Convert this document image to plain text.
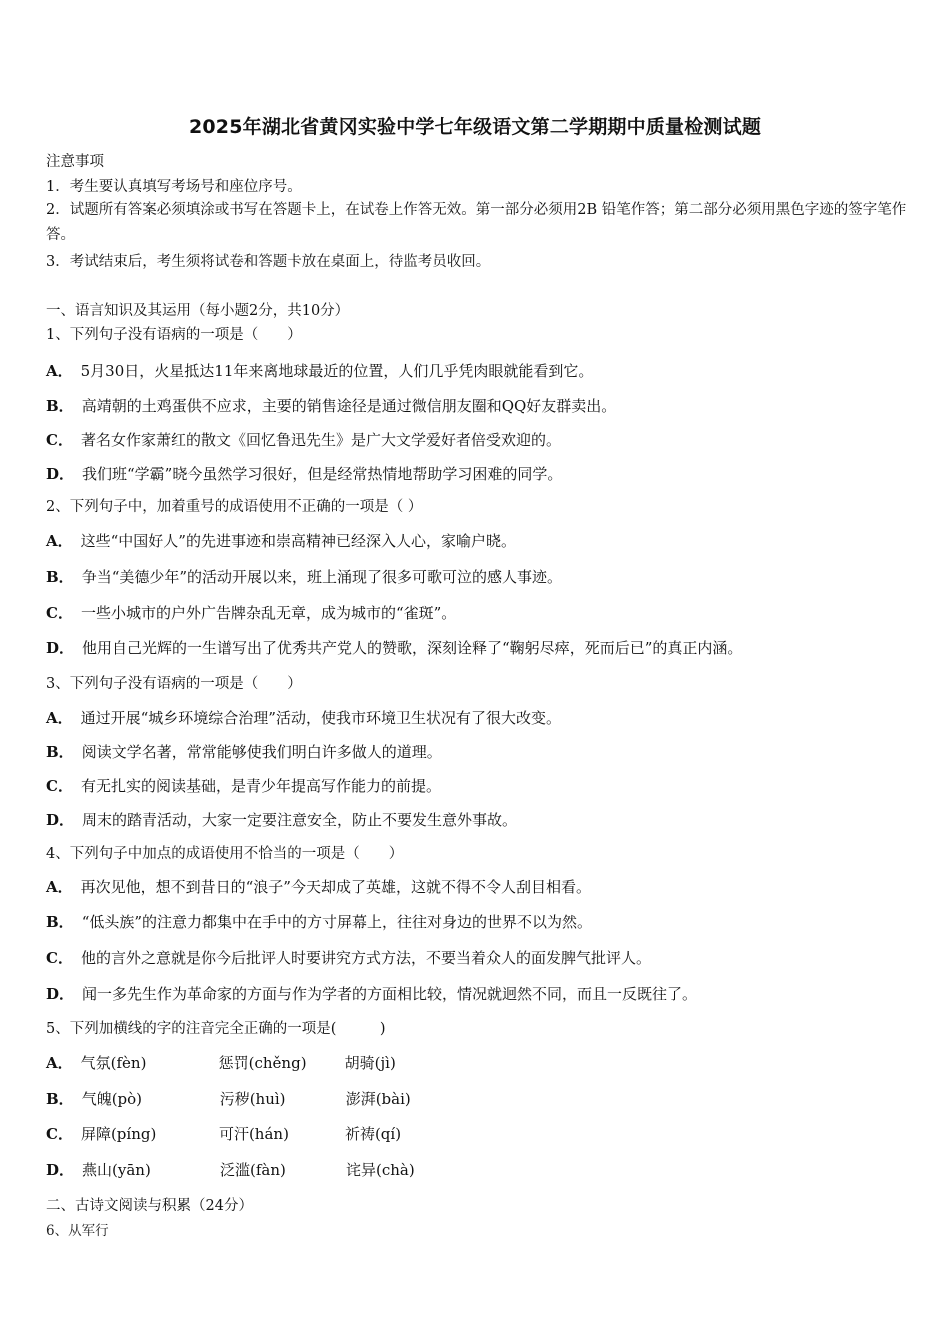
2025年湖北省黄冈实验中学七年级语文第二学期期中质量检测试题
注意事项
1．考生要认真填写考场号和座位序号。
2．试题所有答案必须填涂或书写在答题卡上，在试卷上作答无效。第一部分必须用2B 铅笔作答；第二部分必须用黑色字迹的签字笔作答。
3．考试结束后，考生须将试卷和答题卡放在桌面上，待监考员收回。
一、语言知识及其运用（每小题2分，共10分）
1、下列句子没有语病的一项是（　　）
A． 5月30日，火星抵达11年来离地球最近的位置，人们几乎凭肉眼就能看到它。
B． 高靖朝的土鸡蛋供不应求，主要的销售途径是通过微信朋友圈和QQ好友群卖出。
C． 著名女作家萧红的散文《回忆鲁迅先生》是广大文学爱好者倍受欢迎的。
D． 我们班“学霸”晓今虽然学习很好，但是经常热情地帮助学习困难的同学。
2、下列句子中，加着重号的成语使用不正确的一项是（ ）
A． 这些“中国好人”的先进事迹和崇高精神已经深入人心，家喻户晓。
B． 争当“美德少年”的活动开展以来，班上涌现了很多可歌可泣的感人事迹。
C． 一些小城市的户外广告牌杂乱无章，成为城市的“雀斑”。
D． 他用自己光辉的一生谱写出了优秀共产党人的赞歌，深刻诠释了“鞠躬尽瘁，死而后已”的真正内涵。
3、下列句子没有语病的一项是（　　）
A． 通过开展“城乡环境综合治理”活动，使我市环境卫生状况有了很大改变。
B． 阅读文学名著，常常能够使我们明白许多做人的道理。
C． 有无扎实的阅读基础，是青少年提高写作能力的前提。
D． 周末的踏青活动，大家一定要注意安全，防止不要发生意外事故。
4、下列句子中加点的成语使用不恰当的一项是（　　）
A． 再次见他，想不到昔日的“浪子”今天却成了英雄，这就不得不令人刮目相看。
B． “低头族”的注意力都集中在手中的方寸屏幕上，往往对身边的世界不以为然。
C． 他的言外之意就是你今后批评人时要讲究方式方法，不要当着众人的面发脾气批评人。
D． 闻一多先生作为革命家的方面与作为学者的方面相比较，情况就迥然不同，而且一反既往了。
5、下列加横线的字的注音完全正确的一项是(　　　)
A． 气氛(fèn)	惩罚(chěng)	胡骑(jì)
B． 气魄(pò)	污秽(huì)	澎湃(bài)
C． 屏障(píng)	可汗(hán)	祈祷(qí)
D． 燕山(yān)	泛滥(fàn)	诧异(chà)
二、古诗文阅读与积累（24分）
6、从军行
